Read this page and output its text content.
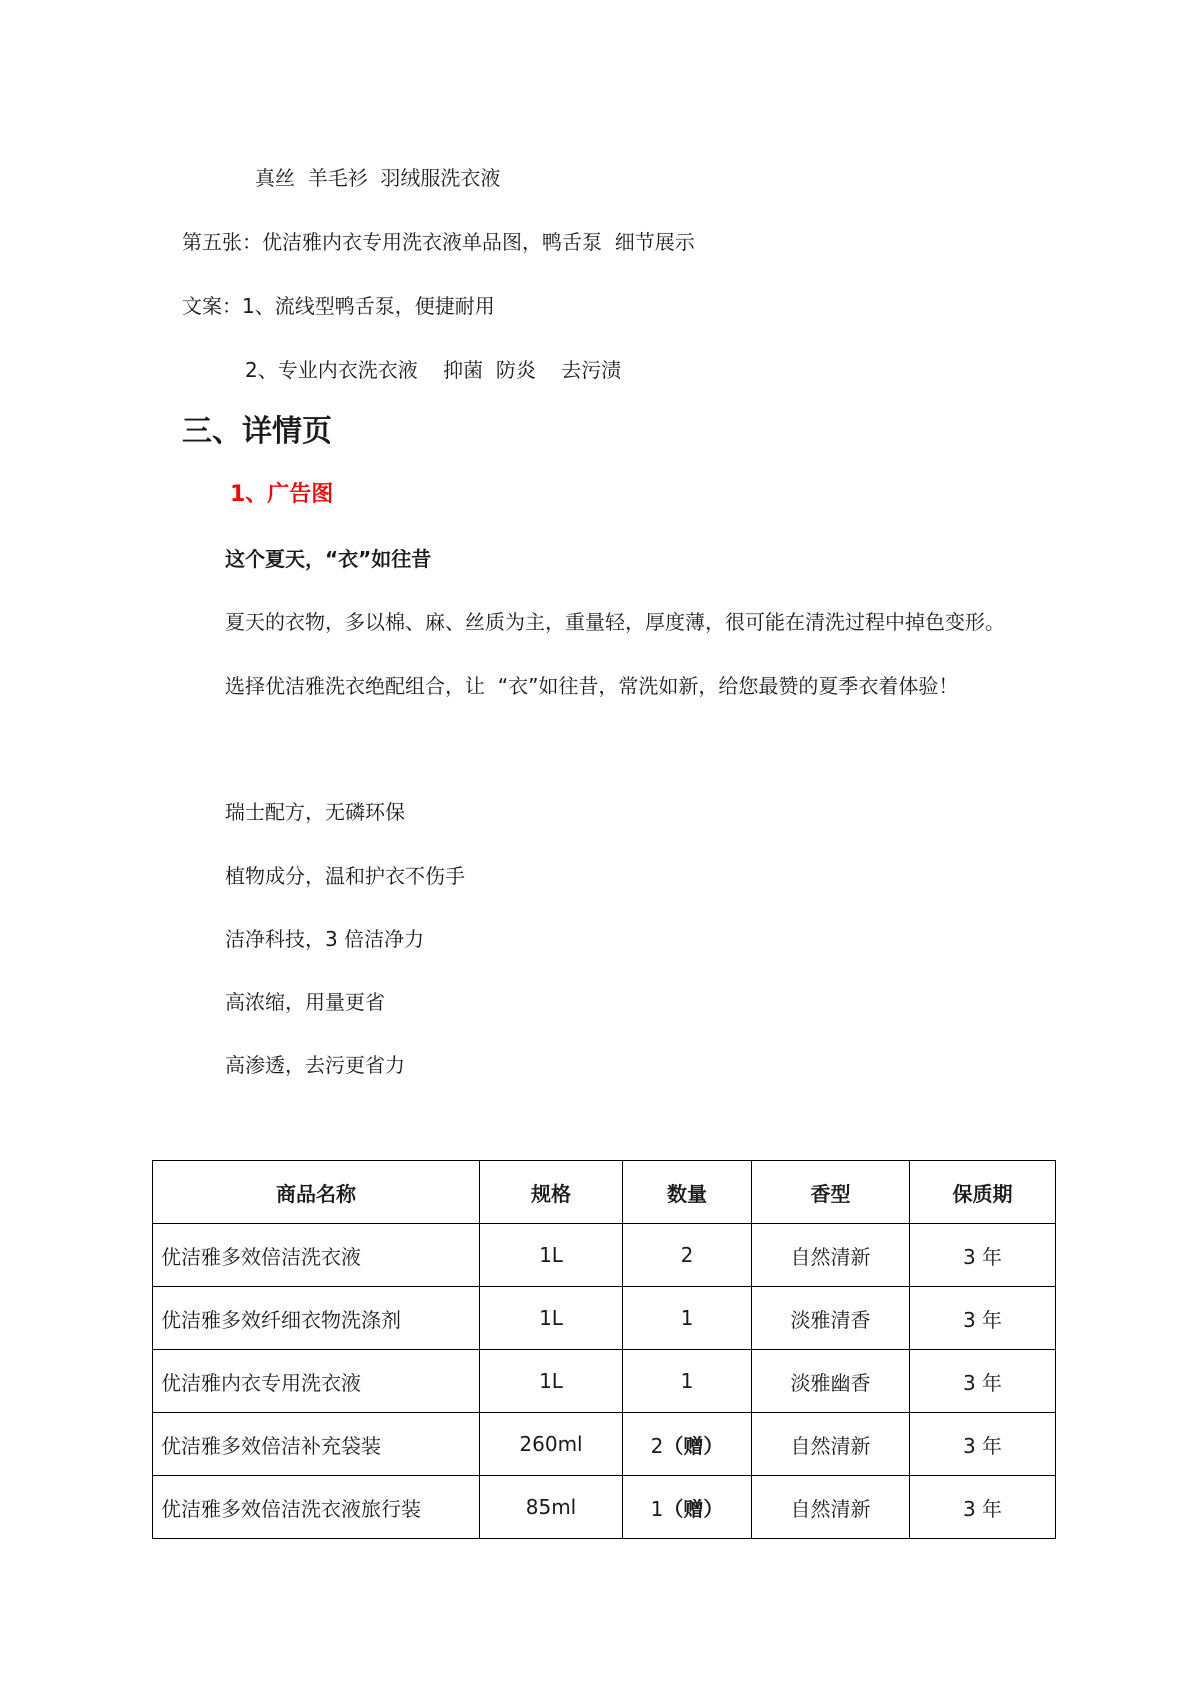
真丝  羊毛衫  羽绒服洗衣液
第五张：优洁雅内衣专用洗衣液单品图，鸭舌泵  细节展示
文案：1、流线型鸭舌泵，便捷耐用
2、专业内衣洗衣液    抑菌  防炎    去污渍
三、详情页
1、广告图
这个夏天，“衣”如往昔
夏天的衣物，多以棉、麻、丝质为主，重量轻，厚度薄，很可能在清洗过程中掉色变形。
选择优洁雅洗衣绝配组合，让  “衣”如往昔，常洗如新，给您最赞的夏季衣着体验！
瑞士配方，无磷环保
植物成分，温和护衣不伤手
洁净科技，3 倍洁净力
高浓缩，用量更省
高渗透，去污更省力
商品名称	规格	数量	香型	保质期
优洁雅多效倍洁洗衣液	1L	2	自然清新	3 年
优洁雅多效纤细衣物洗涤剂	1L	1	淡雅清香	3 年
优洁雅内衣专用洗衣液	1L	1	淡雅幽香	3 年
优洁雅多效倍洁补充袋装	260ml	2（赠）	自然清新	3 年
优洁雅多效倍洁洗衣液旅行装	85ml	1（赠）	自然清新	3 年
